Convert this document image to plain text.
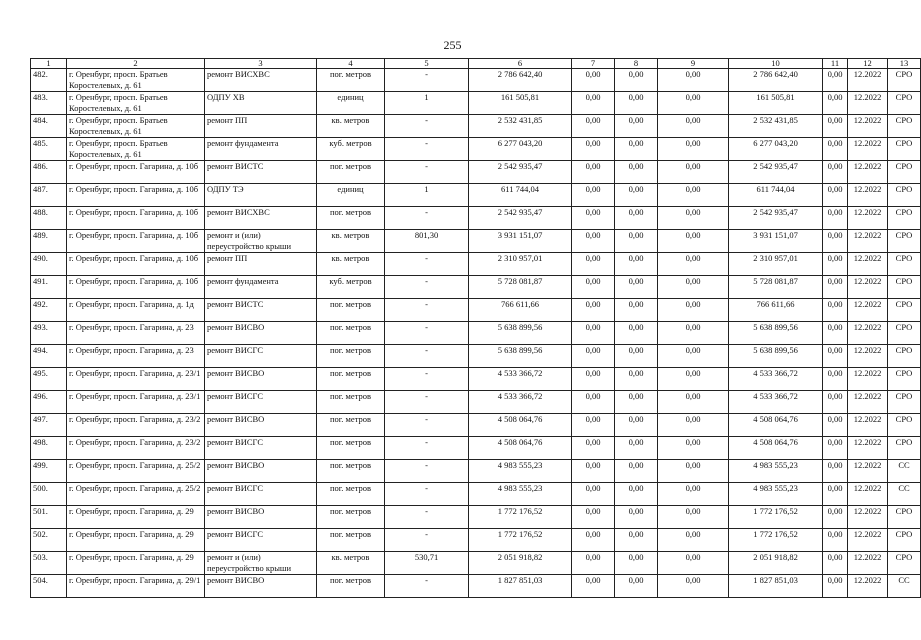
255
1	2	3	4	5	6	7	8	9	10	11	12	13
482.	г. Оренбург, просп. Братьев Коростелевых, д. 61	ремонт ВИСХВС	пог. метров	-	2 786 642,40	0,00	0,00	0,00	2 786 642,40	0,00	12.2022	СРО
483.	г. Оренбург, просп. Братьев Коростелевых, д. 61	ОДПУ ХВ	единиц	1	161 505,81	0,00	0,00	0,00	161 505,81	0,00	12.2022	СРО
484.	г. Оренбург, просп. Братьев Коростелевых, д. 61	ремонт ПП	кв. метров	-	2 532 431,85	0,00	0,00	0,00	2 532 431,85	0,00	12.2022	СРО
485.	г. Оренбург, просп. Братьев Коростелевых, д. 61	ремонт фундамента	куб. метров	-	6 277 043,20	0,00	0,00	0,00	6 277 043,20	0,00	12.2022	СРО
486.	г. Оренбург, просп. Гагарина, д. 10б	ремонт ВИСТС	пог. метров	-	2 542 935,47	0,00	0,00	0,00	2 542 935,47	0,00	12.2022	СРО
487.	г. Оренбург, просп. Гагарина, д. 10б	ОДПУ ТЭ	единиц	1	611 744,04	0,00	0,00	0,00	611 744,04	0,00	12.2022	СРО
488.	г. Оренбург, просп. Гагарина, д. 10б	ремонт ВИСХВС	пог. метров	-	2 542 935,47	0,00	0,00	0,00	2 542 935,47	0,00	12.2022	СРО
489.	г. Оренбург, просп. Гагарина, д. 10б	ремонт и (или) переустройство крыши	кв. метров	801,30	3 931 151,07	0,00	0,00	0,00	3 931 151,07	0,00	12.2022	СРО
490.	г. Оренбург, просп. Гагарина, д. 10б	ремонт ПП	кв. метров	-	2 310 957,01	0,00	0,00	0,00	2 310 957,01	0,00	12.2022	СРО
491.	г. Оренбург, просп. Гагарина, д. 10б	ремонт фундамента	куб. метров	-	5 728 081,87	0,00	0,00	0,00	5 728 081,87	0,00	12.2022	СРО
492.	г. Оренбург, просп. Гагарина, д. 1д	ремонт ВИСТС	пог. метров	-	766 611,66	0,00	0,00	0,00	766 611,66	0,00	12.2022	СРО
493.	г. Оренбург, просп. Гагарина, д. 23	ремонт ВИСВО	пог. метров	-	5 638 899,56	0,00	0,00	0,00	5 638 899,56	0,00	12.2022	СРО
494.	г. Оренбург, просп. Гагарина, д. 23	ремонт ВИСГС	пог. метров	-	5 638 899,56	0,00	0,00	0,00	5 638 899,56	0,00	12.2022	СРО
495.	г. Оренбург, просп. Гагарина, д. 23/1	ремонт ВИСВО	пог. метров	-	4 533 366,72	0,00	0,00	0,00	4 533 366,72	0,00	12.2022	СРО
496.	г. Оренбург, просп. Гагарина, д. 23/1	ремонт ВИСГС	пог. метров	-	4 533 366,72	0,00	0,00	0,00	4 533 366,72	0,00	12.2022	СРО
497.	г. Оренбург, просп. Гагарина, д. 23/2	ремонт ВИСВО	пог. метров	-	4 508 064,76	0,00	0,00	0,00	4 508 064,76	0,00	12.2022	СРО
498.	г. Оренбург, просп. Гагарина, д. 23/2	ремонт ВИСГС	пог. метров	-	4 508 064,76	0,00	0,00	0,00	4 508 064,76	0,00	12.2022	СРО
499.	г. Оренбург, просп. Гагарина, д. 25/2	ремонт ВИСВО	пог. метров	-	4 983 555,23	0,00	0,00	0,00	4 983 555,23	0,00	12.2022	СС
500.	г. Оренбург, просп. Гагарина, д. 25/2	ремонт ВИСГС	пог. метров	-	4 983 555,23	0,00	0,00	0,00	4 983 555,23	0,00	12.2022	СС
501.	г. Оренбург, просп. Гагарина, д. 29	ремонт ВИСВО	пог. метров	-	1 772 176,52	0,00	0,00	0,00	1 772 176,52	0,00	12.2022	СРО
502.	г. Оренбург, просп. Гагарина, д. 29	ремонт ВИСГС	пог. метров	-	1 772 176,52	0,00	0,00	0,00	1 772 176,52	0,00	12.2022	СРО
503.	г. Оренбург, просп. Гагарина, д. 29	ремонт и (или) переустройство крыши	кв. метров	530,71	2 051 918,82	0,00	0,00	0,00	2 051 918,82	0,00	12.2022	СРО
504.	г. Оренбург, просп. Гагарина, д. 29/1	ремонт ВИСВО	пог. метров	-	1 827 851,03	0,00	0,00	0,00	1 827 851,03	0,00	12.2022	СС
